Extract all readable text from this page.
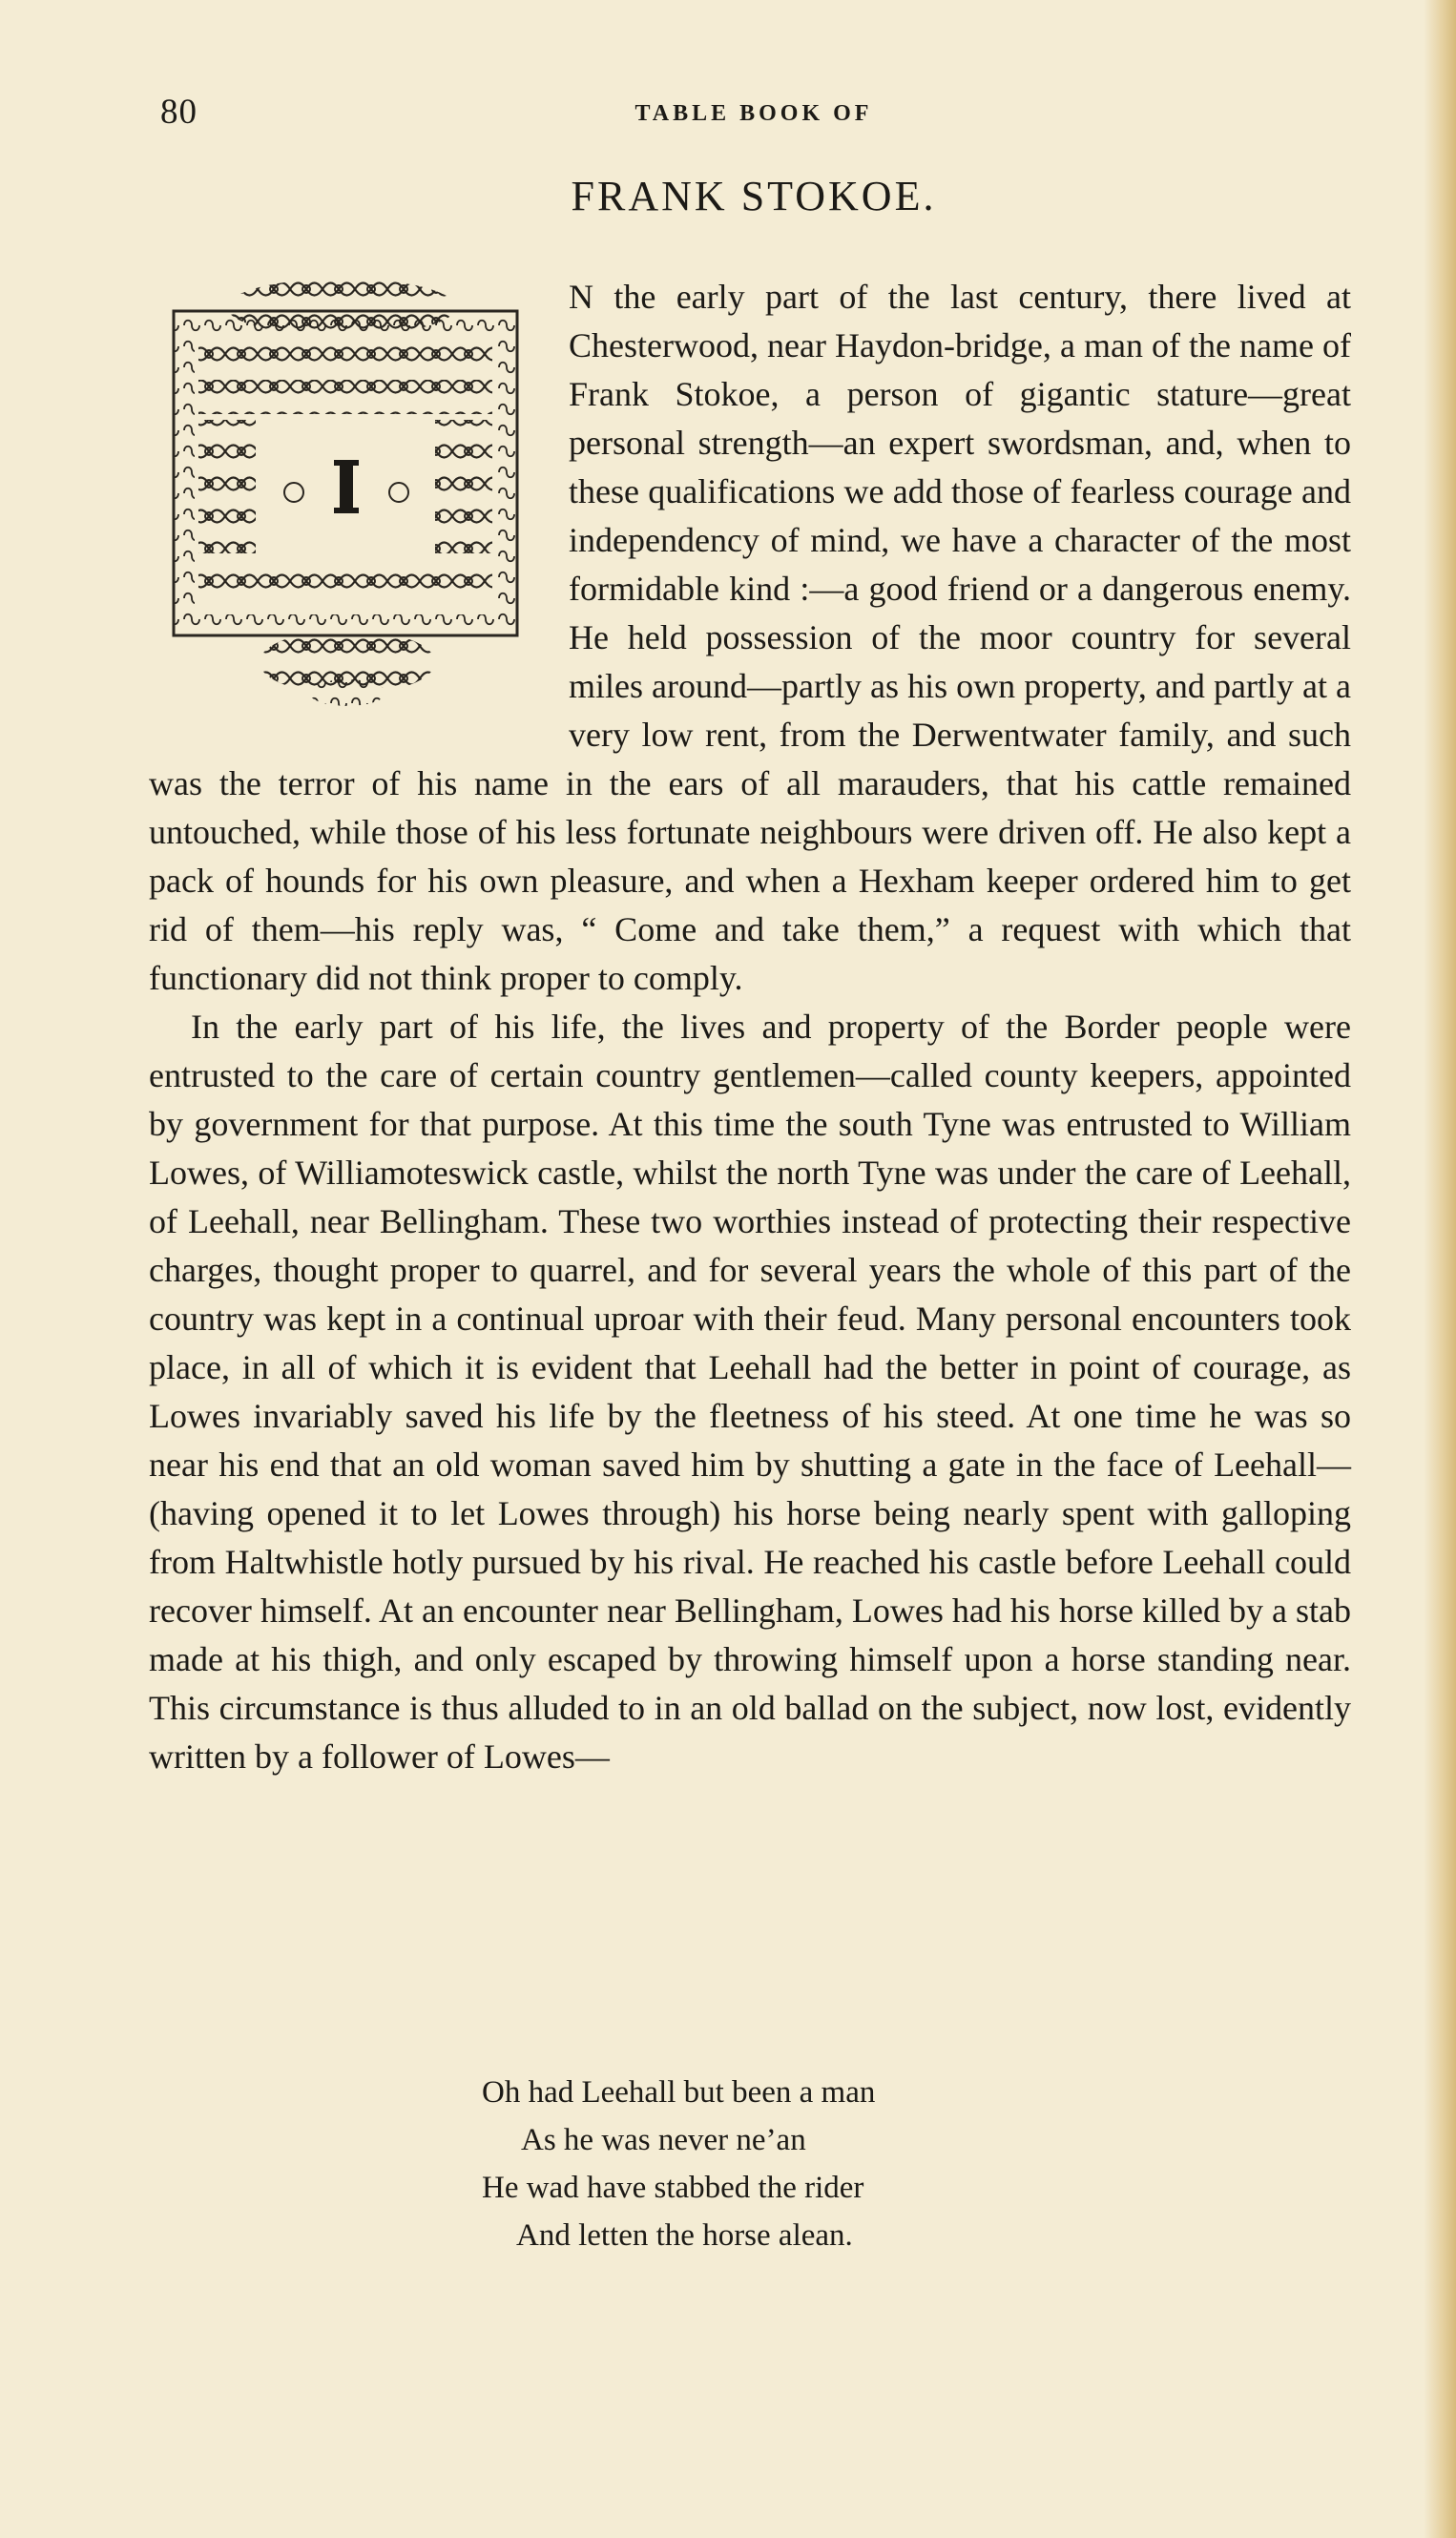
80	TABLE BOOK OF
FRANK STOKOE.

N the early part of the last century, there lived at Chesterwood, near Haydon-bridge, a man of the name of Frank Stokoe, a person of gigantic stature—great personal strength—an expert swordsman, and, when to these qualifications we add those of fearless courage and independency of mind, we have a character of the most formidable kind :—a good friend or a dangerous enemy. He held possession of the moor country for several miles around—partly as his own property, and partly at a very low rent, from the Derwentwater family, and such was the terror of his name in the ears of all marauders, that his cattle remained untouched, while those of his less fortunate neighbours were driven off. He also kept a pack of hounds for his own pleasure, and when a Hexham keeper ordered him to get rid of them—his reply was, “ Come and take them,” a request with which that functionary did not think proper to comply.

In the early part of his life, the lives and property of the Border people were entrusted to the care of certain country gentlemen—called county keepers, appointed by government for that purpose. At this time the south Tyne was entrusted to William Lowes, of Williamoteswick castle, whilst the north Tyne was under the care of Leehall, of Leehall, near Bellingham. These two worthies instead of protecting their respective charges, thought proper to quarrel, and for several years the whole of this part of the country was kept in a continual uproar with their feud. Many personal encounters took place, in all of which it is evident that Leehall had the better in point of courage, as Lowes invariably saved his life by the fleetness of his steed. At one time he was so near his end that an old woman saved him by shutting a gate in the face of Leehall—(having opened it to let Lowes through) his horse being nearly spent with galloping from Haltwhistle hotly pursued by his rival. He reached his castle before Leehall could recover himself. At an encounter near Bellingham, Lowes had his horse killed by a stab made at his thigh, and only escaped by throwing himself upon a horse standing near. This circumstance is thus alluded to in an old ballad on the subject, now lost, evidently written by a follower of Lowes—

Oh had Leehall but been a man
As he was never ne’an
He wad have stabbed the rider
And letten the horse alean.
